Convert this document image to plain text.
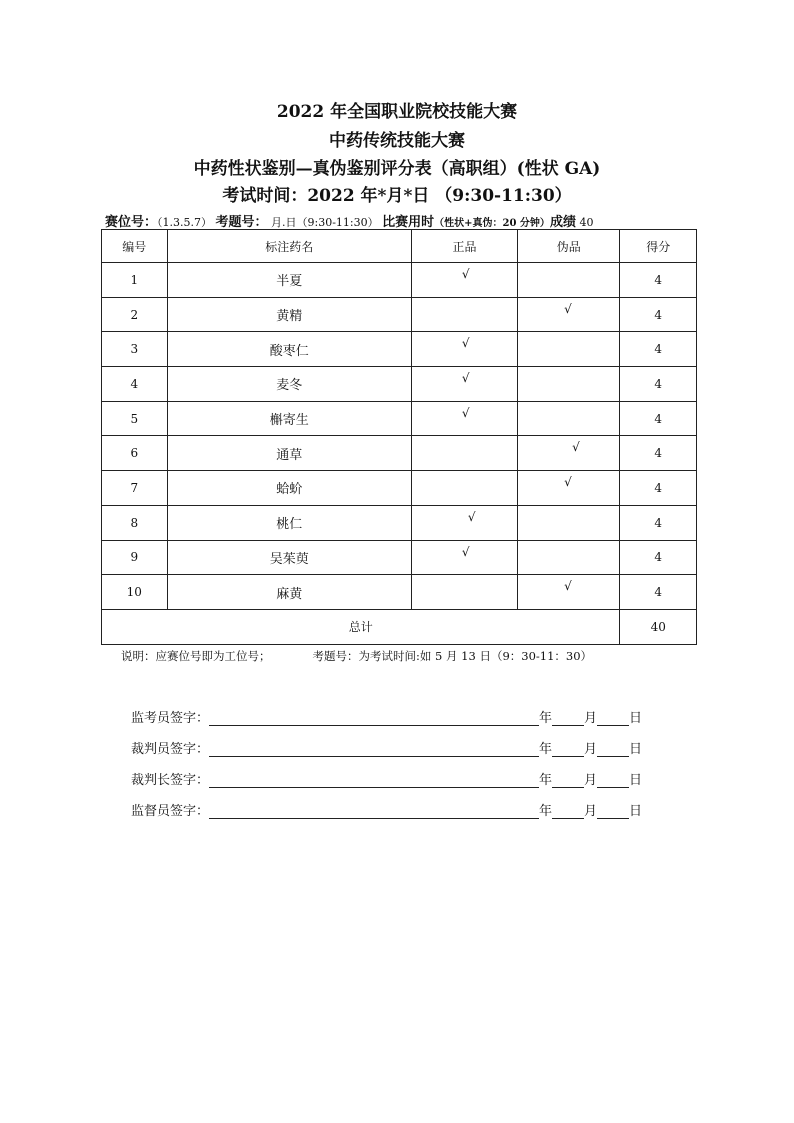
2022 年全国职业院校技能大赛
中药传统技能大赛
中药性状鉴别—真伪鉴别评分表（高职组）(性状 GA)
考试时间：2022 年*月*日 （9:30-11:30）
赛位号：（1.3.5.7） 考题号： 月.日（9:30-11:30） 比赛用时（性状+真伪：20 分钟）成绩 40
编号	标注药名	正品	伪品	得分
1	半夏	√		4
2	黄精		√	4
3	酸枣仁	√		4
4	麦冬	√		4
5	槲寄生	√		4
6	通草		√	4
7	蛤蚧		√	4
8	桃仁	√		4
9	吴茱萸	√		4
10	麻黄		√	4
总计				40
说明：应赛位号即为工位号；	考题号：为考试时间:如 5 月 13 日（9：30-11：30）
监考员签字：	年 月 日
裁判员签字：	年 月 日
裁判长签字：	年 月 日
监督员签字：	年 月 日
